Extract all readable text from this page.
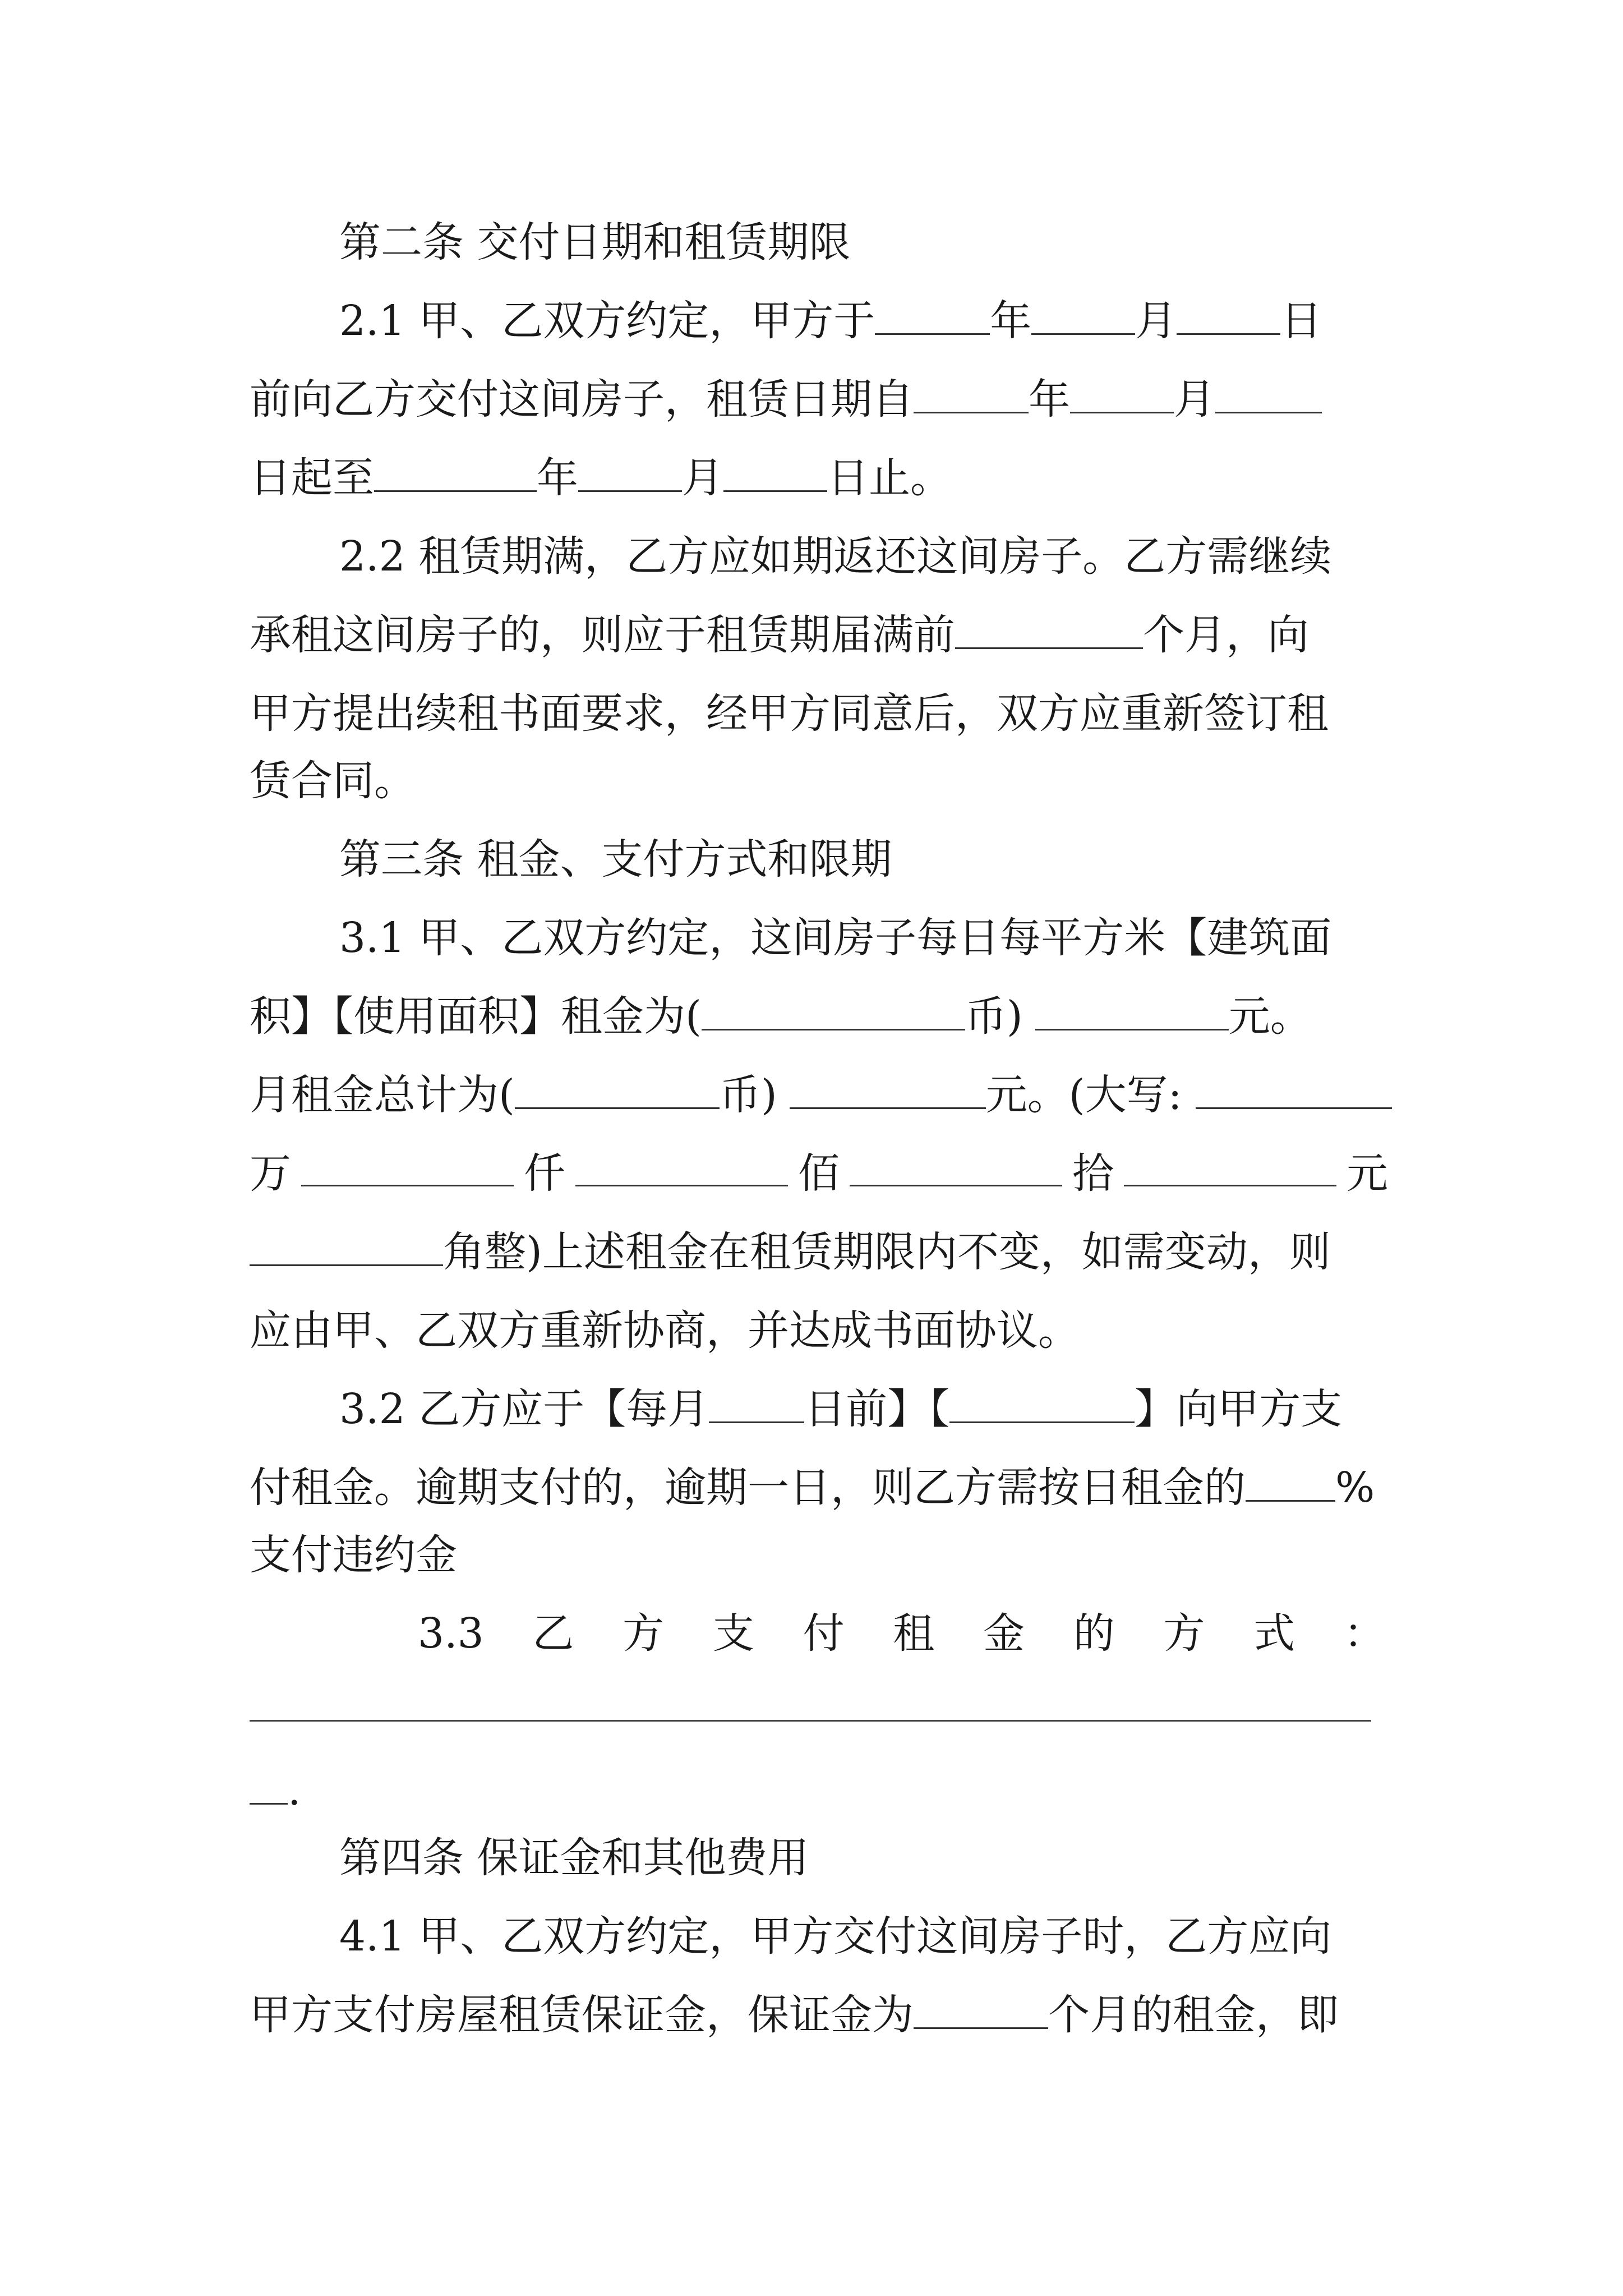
第二条 交付日期和租赁期限
2.1 甲、乙双方约定，甲方于	年	月	日
前向乙方交付这间房子，租赁日期自	年	月
日起至	年	月	日止。
2.2 租赁期满，乙方应如期返还这间房子。乙方需继续
承租这间房子的，则应于租赁期届满前	个月，向
甲方提出续租书面要求，经甲方同意后，双方应重新签订租
赁合同。
第三条 租金、支付方式和限期
3.1 甲、乙双方约定，这间房子每日每平方米【建筑面
积】【使用面积】租金为(	币)	元。
月租金总计为(	币)	元。(大写:
万	仟	佰	拾	元
角整)上述租金在租赁期限内不变，如需变动，则
应由甲、乙双方重新协商，并达成书面协议。
3.2 乙方应于【每月 日前】【	】向甲方支
付租金。逾期支付的，逾期一日，则乙方需按日租金的 %
支付违约金
3.3 乙 方 支 付 租 金 的 方 式 ：
.
第四条 保证金和其他费用
4.1 甲、乙双方约定，甲方交付这间房子时，乙方应向
甲方支付房屋租赁保证金，保证金为	个月的租金，即
